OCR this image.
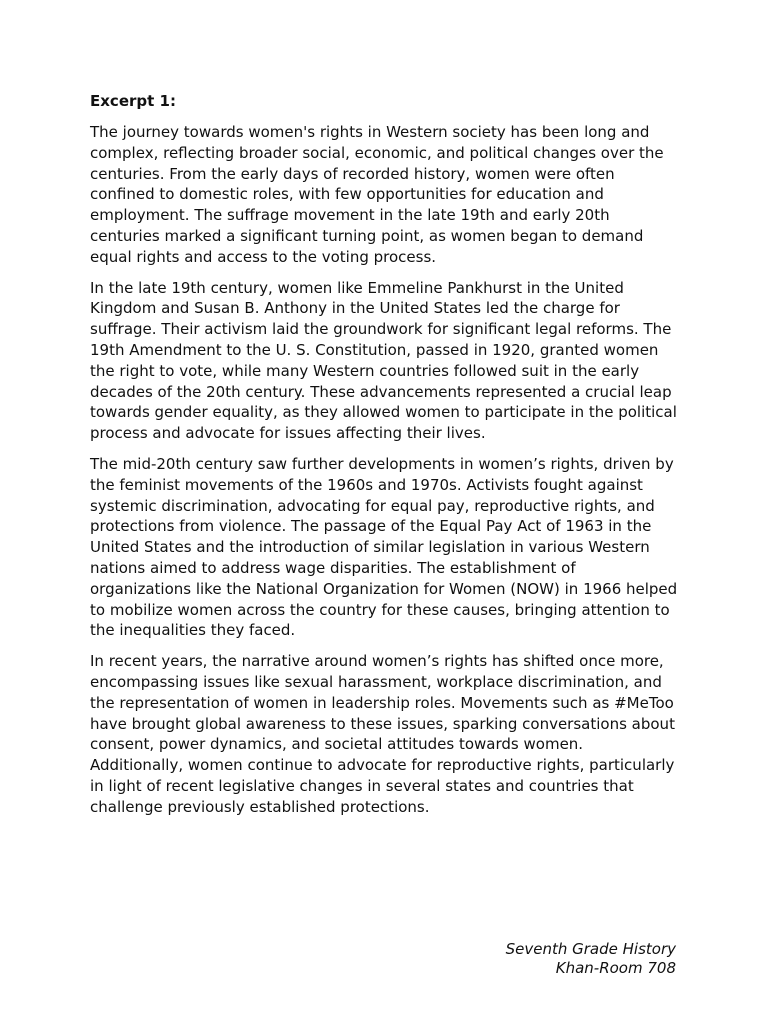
Excerpt 1:

The journey towards women's rights in Western society has been long and complex, reflecting broader social, economic, and political changes over the centuries. From the early days of recorded history, women were often confined to domestic roles, with few opportunities for education and employment. The suffrage movement in the late 19th and early 20th centuries marked a significant turning point, as women began to demand equal rights and access to the voting process.

In the late 19th century, women like Emmeline Pankhurst in the United Kingdom and Susan B. Anthony in the United States led the charge for suffrage. Their activism laid the groundwork for significant legal reforms. The 19th Amendment to the U. S. Constitution, passed in 1920, granted women the right to vote, while many Western countries followed suit in the early decades of the 20th century. These advancements represented a crucial leap towards gender equality, as they allowed women to participate in the political process and advocate for issues affecting their lives.

The mid-20th century saw further developments in women’s rights, driven by the feminist movements of the 1960s and 1970s. Activists fought against systemic discrimination, advocating for equal pay, reproductive rights, and protections from violence. The passage of the Equal Pay Act of 1963 in the United States and the introduction of similar legislation in various Western nations aimed to address wage disparities. The establishment of organizations like the National Organization for Women (NOW) in 1966 helped to mobilize women across the country for these causes, bringing attention to the inequalities they faced.

In recent years, the narrative around women’s rights has shifted once more, encompassing issues like sexual harassment, workplace discrimination, and the representation of women in leadership roles. Movements such as #MeToo have brought global awareness to these issues, sparking conversations about consent, power dynamics, and societal attitudes towards women. Additionally, women continue to advocate for reproductive rights, particularly in light of recent legislative changes in several states and countries that challenge previously established protections.

Seventh Grade History
Khan-Room 708
